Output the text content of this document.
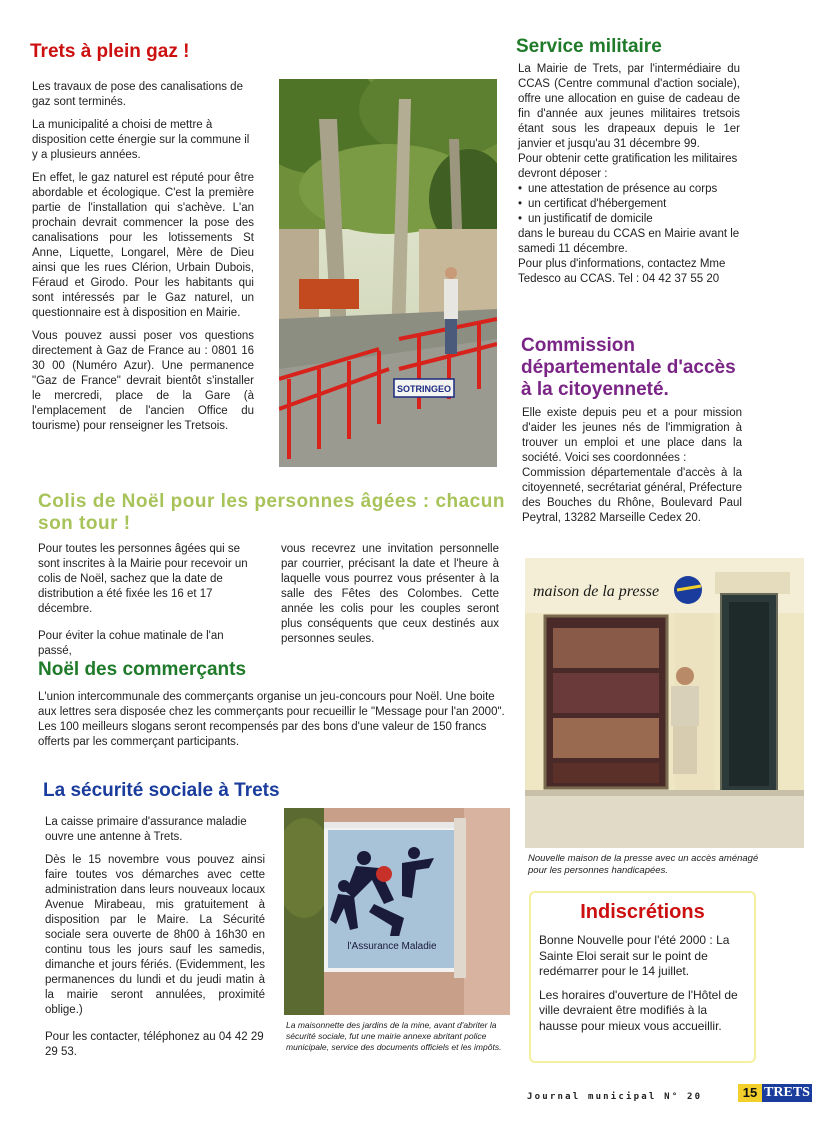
Trets à plein gaz !

Les travaux de pose des canalisations de gaz sont terminés.

La municipalité a choisi de mettre à disposition cette énergie sur la commune il y a plusieurs années.

En effet, le gaz naturel est réputé pour être abordable et écologique. C'est la première partie de l'installation qui s'achève. L'an prochain devrait commencer la pose des canalisations pour les lotissements St Anne, Liquette, Longarel, Mère de Dieu ainsi que les rues Clérion, Urbain Dubois, Féraud et Girodo. Pour les habitants qui sont intéressés par le Gaz naturel, un questionnaire est à disposition en Mairie.

Vous pouvez aussi poser vos questions directement à Gaz de France au : 0801 16 30 00 (Numéro Azur). Une permanence "Gaz de France" devrait bientôt s'installer le mercredi, place de la Gare (à l'emplacement de l'ancien Office du tourisme) pour renseigner les Tretsois.

SOTRINGEO
Service militaire

La Mairie de Trets, par l'intermédiaire du CCAS (Centre communal d'action sociale), offre une allocation en guise de cadeau de fin d'année aux jeunes militaires tretsois étant sous les drapeaux depuis le 1er janvier et jusqu'au 31 décembre 99.

Pour obtenir cette gratification les militaires devront déposer :

• une attestation de présence au corps
• un certificat d'hébergement
• un justificatif de domicile

dans le bureau du CCAS en Mairie avant le samedi 11 décembre.

Pour plus d'informations, contactez Mme Tedesco au CCAS. Tel : 04 42 37 55 20

Commission départementale d'accès à la citoyenneté.

Elle existe depuis peu et a pour mission d'aider les jeunes nés de l'immigration à trouver un emploi et une place dans la société. Voici ses coordonnées :

Commission départementale d'accès à la citoyenneté, secrétariat général, Préfecture des Bouches du Rhône, Boulevard Paul Peytral, 13282 Marseille Cedex 20.

Colis de Noël pour les personnes âgées : chacun son tour !

Pour toutes les personnes âgées qui se sont inscrites à la Mairie pour recevoir un colis de Noël, sachez que la date de distribution a été fixée les 16 et 17 décembre.

Pour éviter la cohue matinale de l'an passé,

vous recevrez une invitation personnelle par courrier, précisant la date et l'heure à laquelle vous pourrez vous présenter à la salle des Fêtes des Colombes. Cette année les colis pour les couples seront plus conséquents que ceux destinés aux personnes seules.

Noël des commerçants

L'union intercommunale des commerçants organise un jeu-concours pour Noël. Une boite aux lettres sera disposée chez les commerçants pour recueillir le "Message pour l'an 2000".

Les 100 meilleurs slogans seront recompensés par des bons d'une valeur de 150 francs offerts par les commerçant participants.

maison de la presse
Nouvelle maison de la presse avec un accès aménagé pour les personnes handicapées.
La sécurité sociale à Trets

La caisse primaire d'assurance maladie ouvre une antenne à Trets.

Dès le 15 novembre vous pouvez ainsi faire toutes vos démarches avec cette administration dans leurs nouveaux locaux Avenue Mirabeau, mis gratuitement à disposition par le Maire. La Sécurité sociale sera ouverte de 8h00 à 16h30 en continu tous les jours sauf les samedis, dimanche et jours fériés. (Evidemment, les permanences du lundi et du jeudi matin à la mairie seront annulées, proximité oblige.)

Pour les contacter, téléphonez au 04 42 29 29 53.

l'Assurance Maladie
La maisonnette des jardins de la mine, avant d'abriter la sécurité sociale, fut une mairie annexe abritant police municipale, service des documents officiels et les impôts.
Indiscrétions

Bonne Nouvelle pour l'été 2000 : La Sainte Eloi serait sur le point de redémarrer pour le 14 juillet.

Les horaires d'ouverture de l'Hôtel de ville devraient être modifiés à la hausse pour mieux vous accueillir.

Journal municipal N° 20	15 TRETS
